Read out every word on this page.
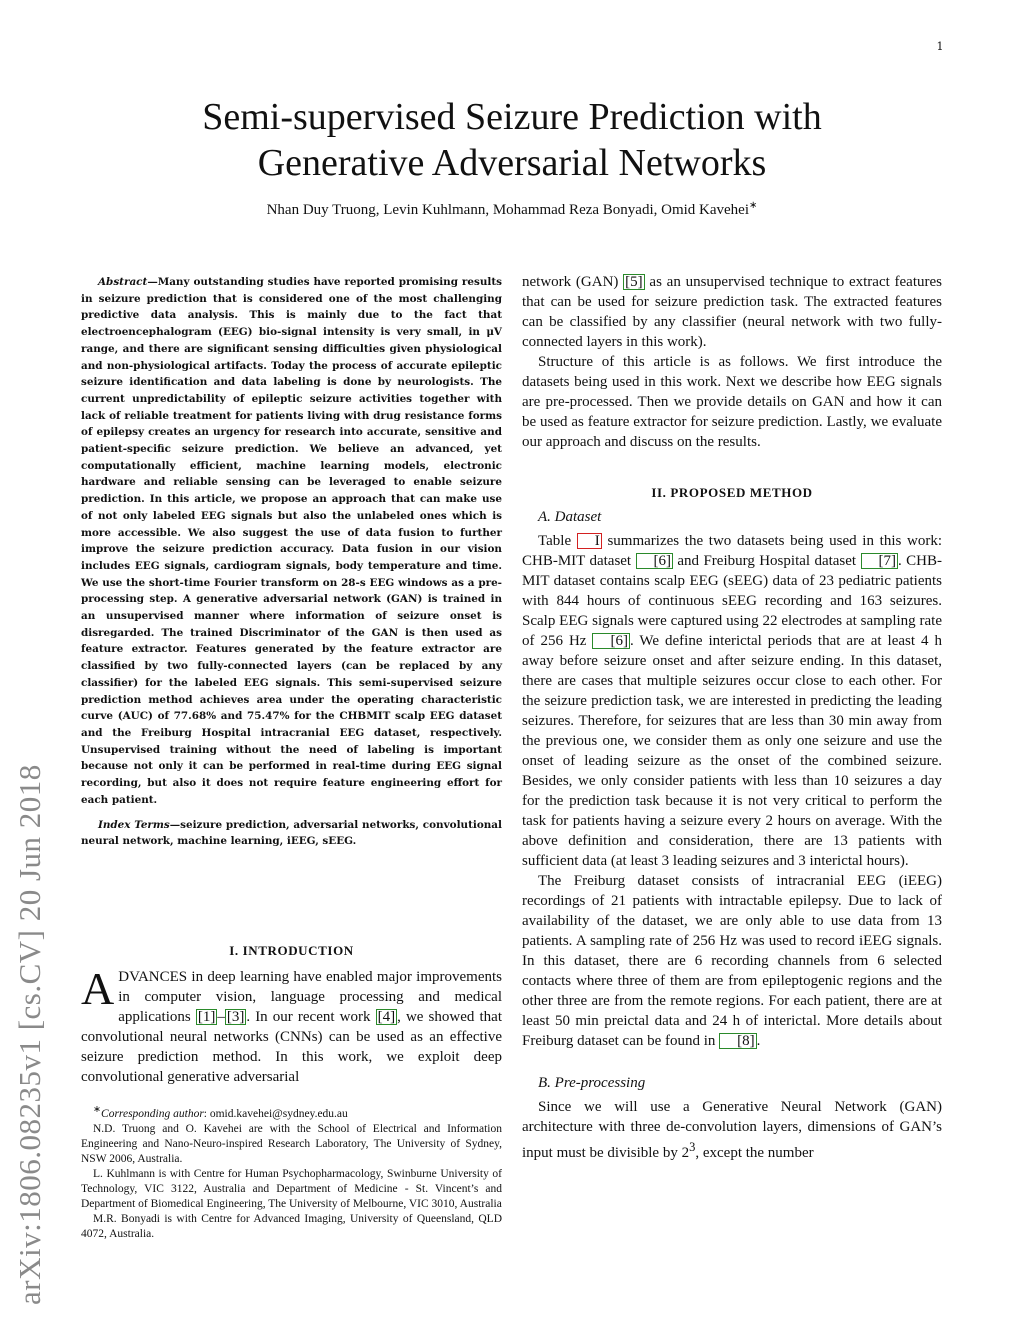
1
arXiv:1806.08235v1 [cs.CV] 20 Jun 2018
Semi-supervised Seizure Prediction with
Generative Adversarial Networks
Nhan Duy Truong, Levin Kuhlmann, Mohammad Reza Bonyadi, Omid Kavehei∗

Abstract—Many outstanding studies have reported promising results in seizure prediction that is considered one of the most challenging predictive data analysis. This is mainly due to the fact that electroencephalogram (EEG) bio-signal intensity is very small, in μV range, and there are significant sensing difficulties given physiological and non-physiological artifacts. Today the process of accurate epileptic seizure identification and data labeling is done by neurologists. The current unpredictability of epileptic seizure activities together with lack of reliable treatment for patients living with drug resistance forms of epilepsy creates an urgency for research into accurate, sensitive and patient-specific seizure prediction. We believe an advanced, yet computationally efficient, machine learning models, electronic hardware and reliable sensing can be leveraged to enable seizure prediction. In this article, we propose an approach that can make use of not only labeled EEG signals but also the unlabeled ones which is more accessible. We also suggest the use of data fusion to further improve the seizure prediction accuracy. Data fusion in our vision includes EEG signals, cardiogram signals, body temperature and time. We use the short-time Fourier transform on 28-s EEG windows as a pre-processing step. A generative adversarial network (GAN) is trained in an unsupervised manner where information of seizure onset is disregarded. The trained Discriminator of the GAN is then used as feature extractor. Features generated by the feature extractor are classified by two fully-connected layers (can be replaced by any classifier) for the labeled EEG signals. This semi-supervised seizure prediction method achieves area under the operating characteristic curve (AUC) of 77.68% and 75.47% for the CHBMIT scalp EEG dataset and the Freiburg Hospital intracranial EEG dataset, respectively. Unsupervised training without the need of labeling is important because not only it can be performed in real-time during EEG signal recording, but also it does not require feature engineering effort for each patient.

Index Terms—seizure prediction, adversarial networks, convolutional neural network, machine learning, iEEG, sEEG.

I. INTRODUCTION

ADVANCES in deep learning have enabled major improvements in computer vision, language processing and medical applications [1] – [3] . In our recent work [4] , we showed that convolutional neural networks (CNNs) can be used as an effective seizure prediction method. In this work, we exploit deep convolutional generative adversarial

∗Corresponding author: omid.kavehei@sydney.edu.au

N.D. Truong and O. Kavehei are with the School of Electrical and Information Engineering and Nano-Neuro-inspired Research Laboratory, The University of Sydney, NSW 2006, Australia.

L. Kuhlmann is with Centre for Human Psychopharmacology, Swinburne University of Technology, VIC 3122, Australia and Department of Medicine - St. Vincent’s and Department of Biomedical Engineering, The University of Melbourne, VIC 3010, Australia

M.R. Bonyadi is with Centre for Advanced Imaging, University of Queensland, QLD 4072, Australia.

network (GAN) [5] as an unsupervised technique to extract features that can be used for seizure prediction task. The extracted features can be classified by any classifier (neural network with two fully-connected layers in this work).

Structure of this article is as follows. We first introduce the datasets being used in this work. Next we describe how EEG signals are pre-processed. Then we provide details on GAN and how it can be used as feature extractor for seizure prediction. Lastly, we evaluate our approach and discuss on the results.

II. PROPOSED METHOD

A. Dataset

Table I summarizes the two datasets being used in this work: CHB-MIT dataset [6] and Freiburg Hospital dataset [7] . CHB-MIT dataset contains scalp EEG (sEEG) data of 23 pediatric patients with 844 hours of continuous sEEG recording and 163 seizures. Scalp EEG signals were captured using 22 electrodes at sampling rate of 256 Hz [6] . We define interictal periods that are at least 4 h away before seizure onset and after seizure ending. In this dataset, there are cases that multiple seizures occur close to each other. For the seizure prediction task, we are interested in predicting the leading seizures. Therefore, for seizures that are less than 30 min away from the previous one, we consider them as only one seizure and use the onset of leading seizure as the onset of the combined seizure. Besides, we only consider patients with less than 10 seizures a day for the prediction task because it is not very critical to perform the task for patients having a seizure every 2 hours on average. With the above definition and consideration, there are 13 patients with sufficient data (at least 3 leading seizures and 3 interictal hours).

The Freiburg dataset consists of intracranial EEG (iEEG) recordings of 21 patients with intractable epilepsy. Due to lack of availability of the dataset, we are only able to use data from 13 patients. A sampling rate of 256 Hz was used to record iEEG signals. In this dataset, there are 6 recording channels from 6 selected contacts where three of them are from epileptogenic regions and the other three are from the remote regions. For each patient, there are at least 50 min preictal data and 24 h of interictal. More details about Freiburg dataset can be found in [8] .

B. Pre-processing

Since we will use a Generative Neural Network (GAN) architecture with three de-convolution layers, dimensions of GAN’s input must be divisible by $2^3$, except the number
